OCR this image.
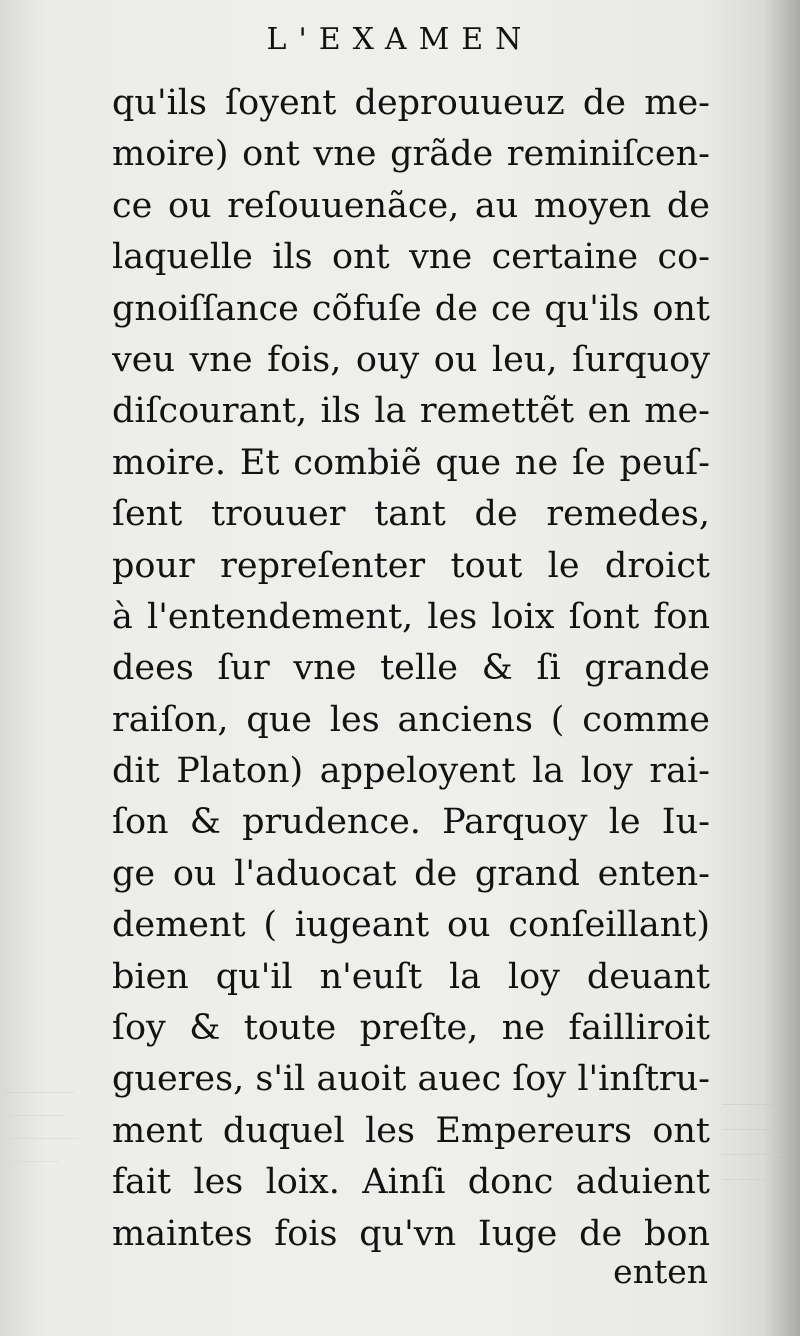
L'EXAMEN
qu'ils ſoyent deprouueuz de me-
moire) ont vne grãde reminiſcen-
ce ou reſouuenãce, au moyen de
laquelle ils ont vne certaine co-
gnoiſſance cõfuſe de ce qu'ils ont
veu vne fois, ouy ou leu, ſurquoy
diſcourant, ils la remettẽt en me-
moire. Et combiẽ que ne ſe peuſ-
ſent trouuer tant de remedes,
pour repreſenter tout le droict
à l'entendement, les loix ſont fon
dees ſur vne telle & ſi grande
raiſon, que les anciens ( comme
dit Platon) appeloyent la loy rai-
ſon & prudence. Parquoy le Iu-
ge ou l'aduocat de grand enten-
dement ( iugeant ou conſeillant)
bien qu'il n'euſt la loy deuant
ſoy & toute preſte, ne failliroit
gueres, s'il auoit auec ſoy l'inſtru-
ment duquel les Empereurs ont
fait les loix. Ainſi donc aduient
maintes fois qu'vn Iuge de bon
enten
